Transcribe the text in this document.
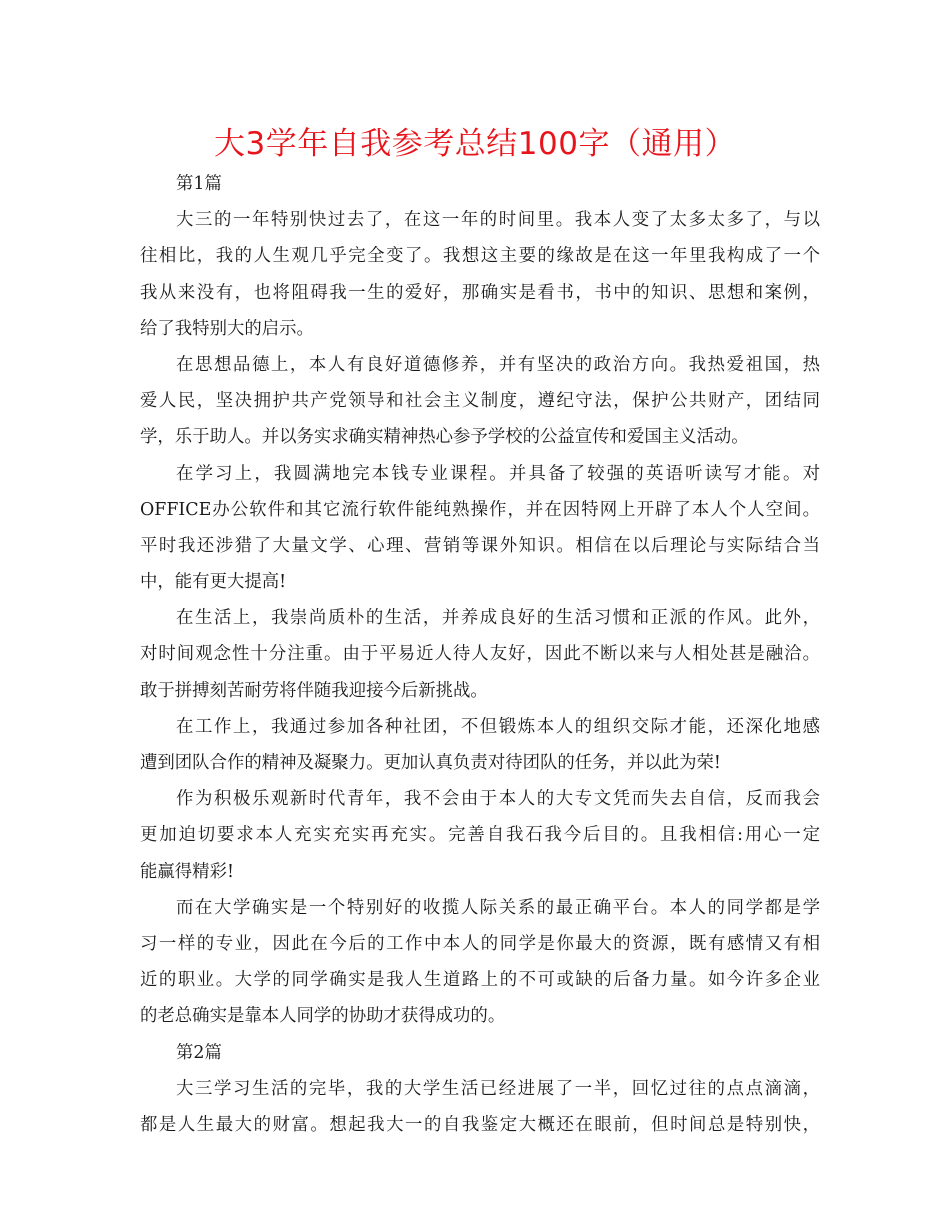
大3学年自我参考总结100字（通用）
第1篇
大三的一年特别快过去了，在这一年的时间里。我本人变了太多太多了，与以
往相比，我的人生观几乎完全变了。我想这主要的缘故是在这一年里我构成了一个
我从来没有，也将阻碍我一生的爱好，那确实是看书，书中的知识、思想和案例，
给了我特别大的启示。
在思想品德上，本人有良好道德修养，并有坚决的政治方向。我热爱祖国，热
爱人民，坚决拥护共产党领导和社会主义制度，遵纪守法，保护公共财产，团结同
学，乐于助人。并以务实求确实精神热心参予学校的公益宣传和爱国主义活动。
在学习上，我圆满地完本钱专业课程。并具备了较强的英语听读写才能。对
OFFICE办公软件和其它流行软件能纯熟操作，并在因特网上开辟了本人个人空间。
平时我还涉猎了大量文学、心理、营销等课外知识。相信在以后理论与实际结合当
中，能有更大提高!
在生活上，我崇尚质朴的生活，并养成良好的生活习惯和正派的作风。此外，
对时间观念性十分注重。由于平易近人待人友好，因此不断以来与人相处甚是融洽。
敢于拼搏刻苦耐劳将伴随我迎接今后新挑战。
在工作上，我通过参加各种社团，不但锻炼本人的组织交际才能，还深化地感
遭到团队合作的精神及凝聚力。更加认真负责对待团队的任务，并以此为荣!
作为积极乐观新时代青年，我不会由于本人的大专文凭而失去自信，反而我会
更加迫切要求本人充实充实再充实。完善自我石我今后目的。且我相信:用心一定
能赢得精彩!
而在大学确实是一个特别好的收揽人际关系的最正确平台。本人的同学都是学
习一样的专业，因此在今后的工作中本人的同学是你最大的资源，既有感情又有相
近的职业。大学的同学确实是我人生道路上的不可或缺的后备力量。如今许多企业
的老总确实是靠本人同学的协助才获得成功的。
第2篇
大三学习生活的完毕，我的大学生活已经进展了一半，回忆过往的点点滴滴，
都是人生最大的财富。想起我大一的自我鉴定大概还在眼前，但时间总是特别快，
